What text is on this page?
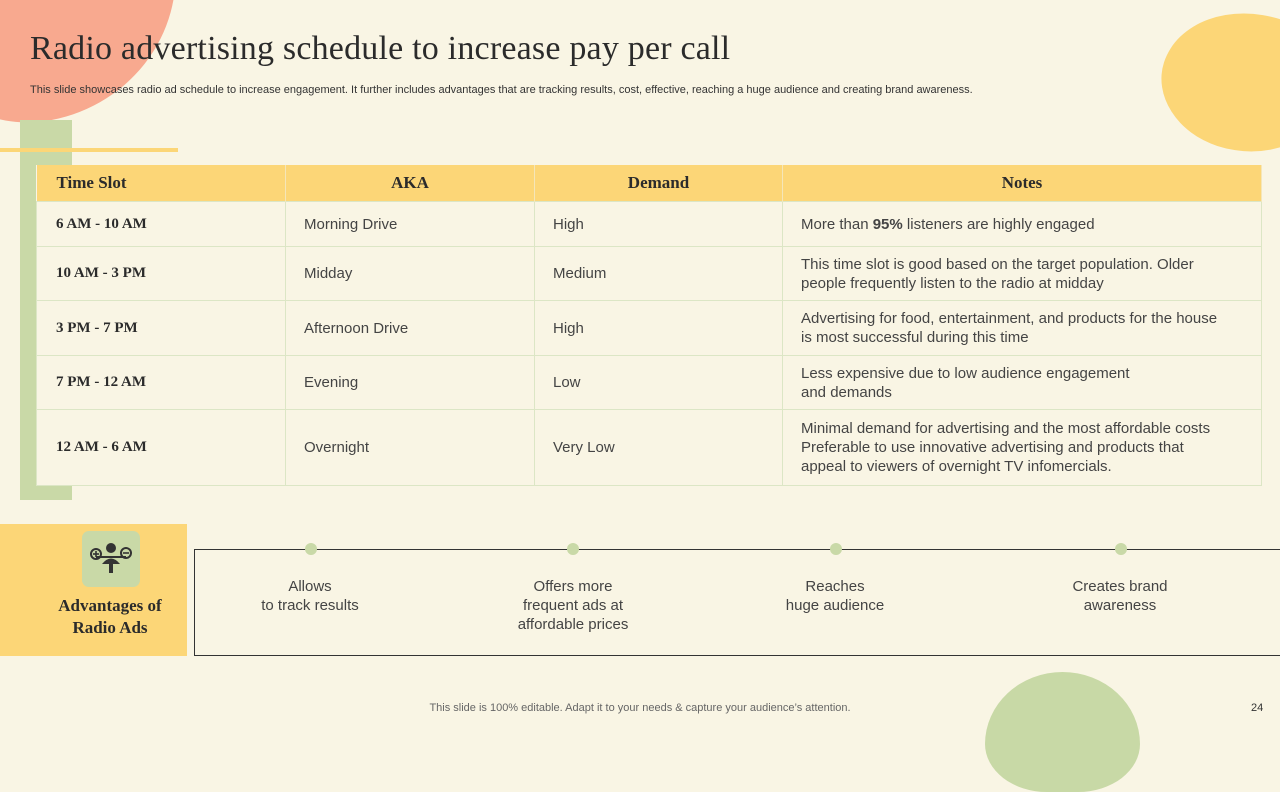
Radio advertising schedule to increase pay per call
This slide showcases radio ad schedule to increase engagement. It further includes advantages that are tracking results, cost, effective, reaching a huge audience and creating brand awareness.
Time Slot	AKA	Demand	Notes
6 AM - 10 AM	Morning Drive	High	More than 95% listeners are highly engaged
10 AM - 3 PM	Midday	Medium	This time slot is good based on the target population. Older
people frequently listen to the radio at midday

3 PM - 7 PM	Afternoon Drive	High	Advertising for food, entertainment, and products for the house
is most successful during this time

7 PM - 12 AM	Evening	Low	Less expensive due to low audience engagement
and demands

12 AM - 6 AM	Overnight	Very Low	Minimal demand for advertising and the most affordable costs
Preferable to use innovative advertising and products that
appeal to viewers of overnight TV infomercials.
Advantages of
Radio Ads
Allows
to track results
Offers more
frequent ads at
affordable prices
Reaches
huge audience
Creates brand
awareness
This slide is 100% editable. Adapt it to your needs & capture your audience’s attention.	24
